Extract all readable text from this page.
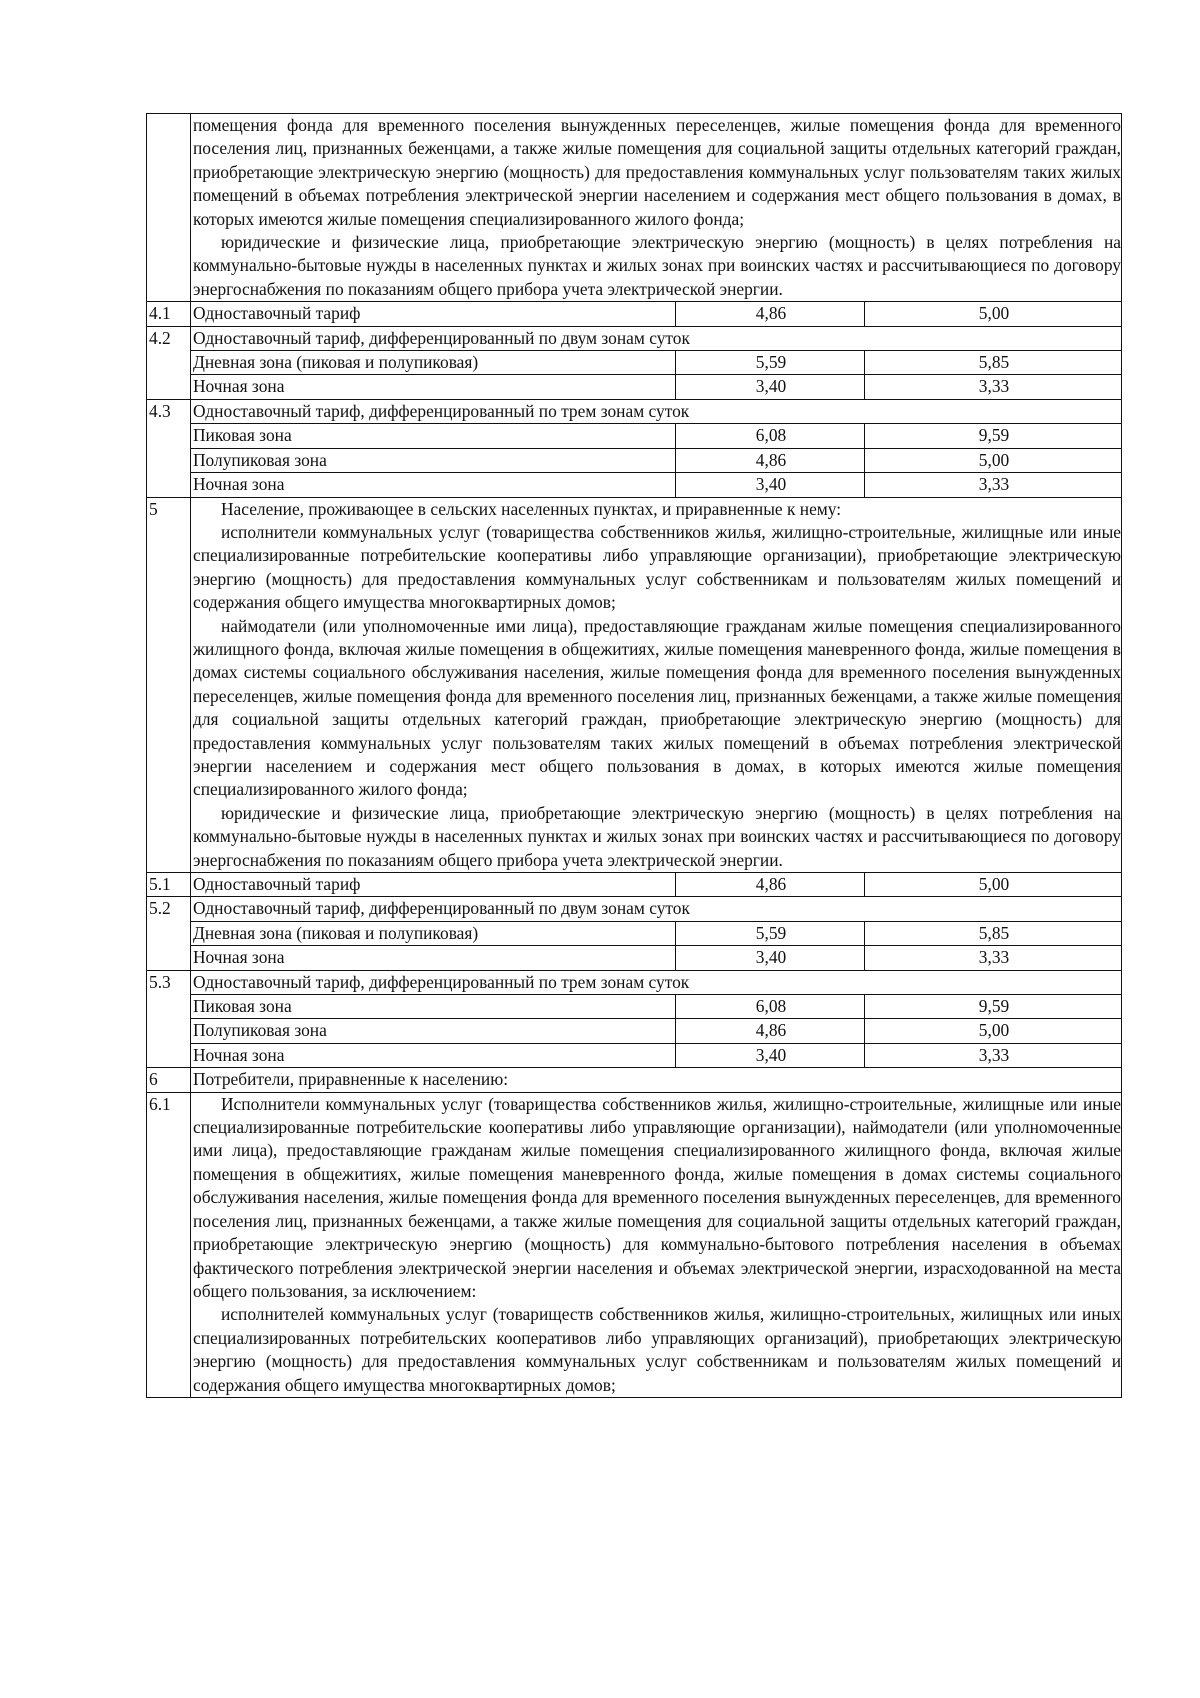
	помещения фонда для временного поселения вынужденных переселенцев, жилые помещения фонда для временного поселения лиц, признанных беженцами, а также жилые помещения для социальной защиты отдельных категорий граждан, приобретающие электрическую энергию (мощность) для предоставления коммунальных услуг пользователям таких жилых помещений в объемах потребления электрической энергии населением и содержания мест общего пользования в домах, в которых имеются жилые помещения специализированного жилого фонда;

юридические и физические лица, приобретающие электрическую энергию (мощность) в целях потребления на коммунально-бытовые нужды в населенных пунктах и жилых зонах при воинских частях и рассчитывающиеся по договору энергоснабжения по показаниям общего прибора учета электрической энергии.		

4.1	Одноставочный тариф	4,86	5,00
4.2	Одноставочный тариф, дифференцированный по двум зонам суток		
	Дневная зона (пиковая и полупиковая)	5,59	5,85
	Ночная зона	3,40	3,33
4.3	Одноставочный тариф, дифференцированный по трем зонам суток		
	Пиковая зона	6,08	9,59
	Полупиковая зона	4,86	5,00
	Ночная зона	3,40	3,33
5	Население, проживающее в сельских населенных пунктах, и приравненные к нему:

исполнители коммунальных услуг (товарищества собственников жилья, жилищно-строительные, жилищные или иные специализированные потребительские кооперативы либо управляющие организации), приобретающие электрическую энергию (мощность) для предоставления коммунальных услуг собственникам и пользователям жилых помещений и содержания общего имущества многоквартирных домов;

наймодатели (или уполномоченные ими лица), предоставляющие гражданам жилые помещения специализированного жилищного фонда, включая жилые помещения в общежитиях, жилые помещения маневренного фонда, жилые помещения в домах системы социального обслуживания населения, жилые помещения фонда для временного поселения вынужденных переселенцев, жилые помещения фонда для временного поселения лиц, признанных беженцами, а также жилые помещения для социальной защиты отдельных категорий граждан, приобретающие электрическую энергию (мощность) для предоставления коммунальных услуг пользователям таких жилых помещений в объемах потребления электрической энергии населением и содержания мест общего пользования в домах, в которых имеются жилые помещения специализированного жилого фонда;

юридические и физические лица, приобретающие электрическую энергию (мощность) в целях потребления на коммунально-бытовые нужды в населенных пунктах и жилых зонах при воинских частях и рассчитывающиеся по договору энергоснабжения по показаниям общего прибора учета электрической энергии.		

5.1	Одноставочный тариф	4,86	5,00
5.2	Одноставочный тариф, дифференцированный по двум зонам суток		
	Дневная зона (пиковая и полупиковая)	5,59	5,85
	Ночная зона	3,40	3,33
5.3	Одноставочный тариф, дифференцированный по трем зонам суток		
	Пиковая зона	6,08	9,59
	Полупиковая зона	4,86	5,00
	Ночная зона	3,40	3,33
6	Потребители, приравненные к населению:		
6.1	Исполнители коммунальных услуг (товарищества собственников жилья, жилищно-строительные, жилищные или иные специализированные потребительские кооперативы либо управляющие организации), наймодатели (или уполномоченные ими лица), предоставляющие гражданам жилые помещения специализированного жилищного фонда, включая жилые помещения в общежитиях, жилые помещения маневренного фонда, жилые помещения в домах системы социального обслуживания населения, жилые помещения фонда для временного поселения вынужденных переселенцев, для временного поселения лиц, признанных беженцами, а также жилые помещения для социальной защиты отдельных категорий граждан, приобретающие электрическую энергию (мощность) для коммунально-бытового потребления населения в объемах фактического потребления электрической энергии населения и объемах электрической энергии, израсходованной на места общего пользования, за исключением:

исполнителей коммунальных услуг (товариществ собственников жилья, жилищно-строительных, жилищных или иных специализированных потребительских кооперативов либо управляющих организаций), приобретающих электрическую энергию (мощность) для предоставления коммунальных услуг собственникам и пользователям жилых помещений и содержания общего имущества многоквартирных домов;		
